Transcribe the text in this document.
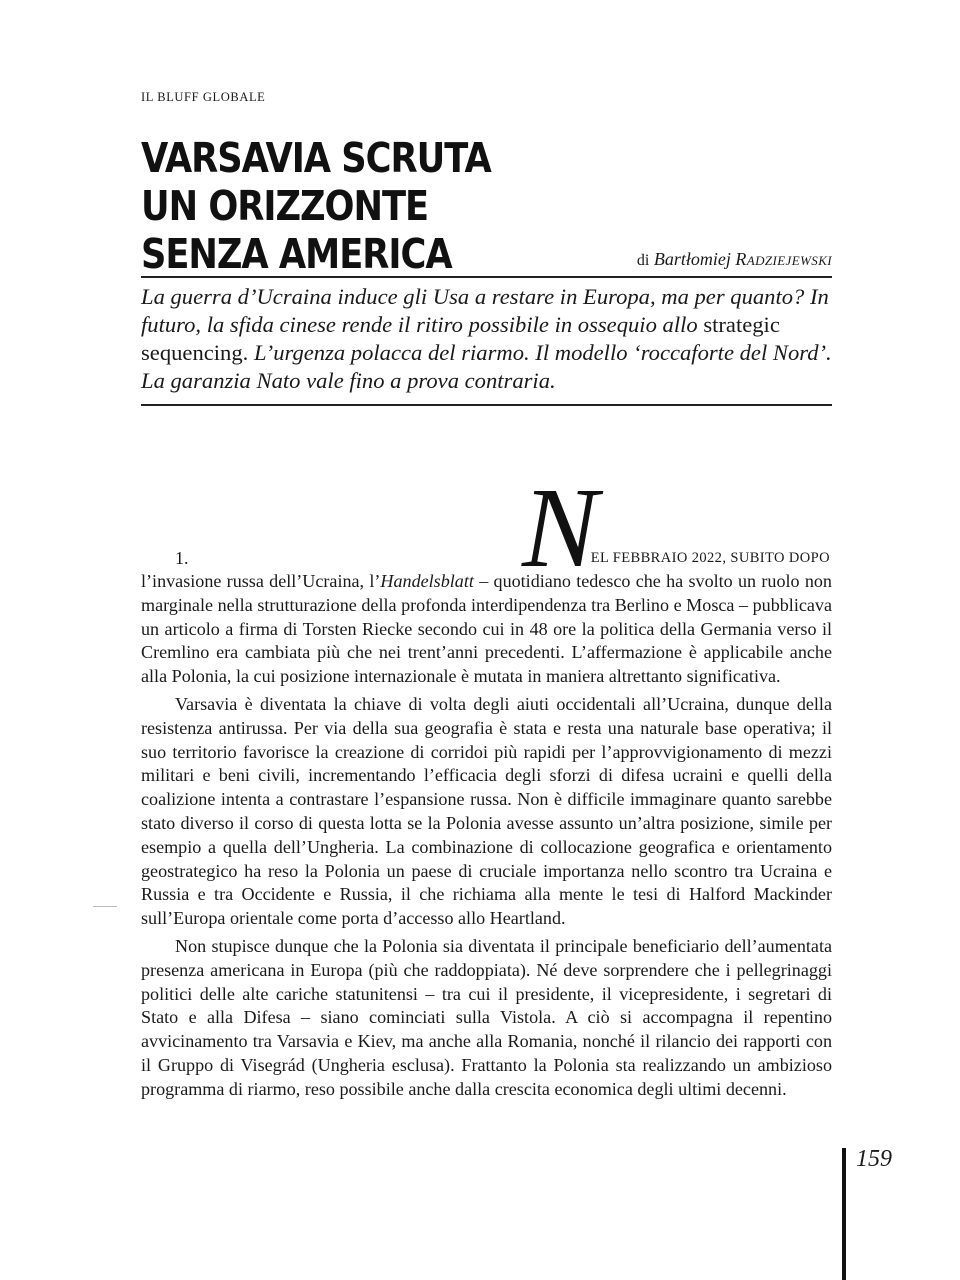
IL BLUFF GLOBALE
VARSAVIA SCRUTA
UN ORIZZONTE
SENZA AMERICA	di Bartłomiej Radziejewski

La guerra d’Ucraina induce gli Usa a restare in Europa, ma per quanto? In futuro, la sfida cinese rende il ritiro possibile in ossequio allo strategic sequencing. L’urgenza polacca del riarmo. Il modello ‘roccaforte del Nord’. La garanzia Nato vale fino a prova contraria.

N
1.	EL FEBBRAIO 2022, SUBITO DOPO

l’invasione russa dell’Ucraina, l’Handelsblatt – quotidiano tedesco che ha svolto un ruolo non marginale nella strutturazione della profonda interdipendenza tra Berlino e Mosca – pubblicava un articolo a firma di Torsten Riecke secondo cui in 48 ore la politica della Germania verso il Cremlino era cambiata più che nei trent’anni precedenti. L’affermazione è applicabile anche alla Polonia, la cui posizione internazionale è mutata in maniera altrettanto significativa.

Varsavia è diventata la chiave di volta degli aiuti occidentali all’Ucraina, dunque della resistenza antirussa. Per via della sua geografia è stata e resta una naturale base operativa; il suo territorio favorisce la creazione di corridoi più rapidi per l’approvvigionamento di mezzi militari e beni civili, incrementando l’efficacia degli sforzi di difesa ucraini e quelli della coalizione intenta a contrastare l’espansione russa. Non è difficile immaginare quanto sarebbe stato diverso il corso di questa lotta se la Polonia avesse assunto un’altra posizione, simile per esempio a quella dell’Ungheria. La combinazione di collocazione geografica e orientamento geostrategico ha reso la Polonia un paese di cruciale importanza nello scontro tra Ucraina e Russia e tra Occidente e Russia, il che richiama alla mente le tesi di Halford Mackinder sull’Europa orientale come porta d’accesso allo Heartland.

Non stupisce dunque che la Polonia sia diventata il principale beneficiario dell’aumentata presenza americana in Europa (più che raddoppiata). Né deve sorprendere che i pellegrinaggi politici delle alte cariche statunitensi – tra cui il presidente, il vicepresidente, i segretari di Stato e alla Difesa – siano cominciati sulla Vistola. A ciò si accompagna il repentino avvicinamento tra Varsavia e Kiev, ma anche alla Romania, nonché il rilancio dei rapporti con il Gruppo di Visegrád (Ungheria esclusa). Frattanto la Polonia sta realizzando un ambizioso programma di riarmo, reso possibile anche dalla crescita economica degli ultimi decenni.

159
